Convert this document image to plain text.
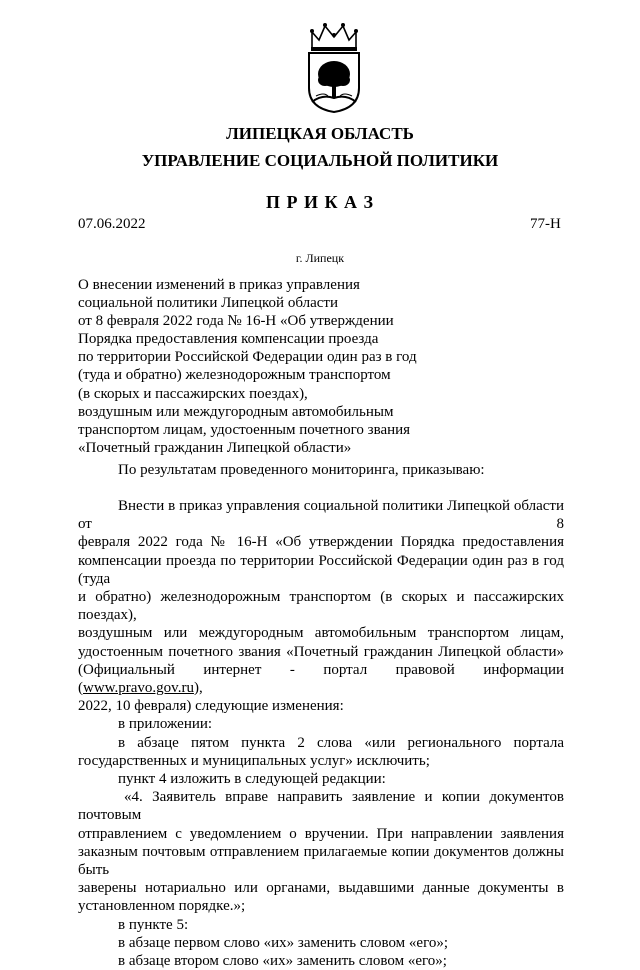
ЛИПЕЦКАЯ ОБЛАСТЬ
УПРАВЛЕНИЕ СОЦИАЛЬНОЙ ПОЛИТИКИ
П Р И К А З
07.06.2022	77-Н
г. Липецк
О внесении изменений в приказ управления
социальной политики Липецкой области
от 8 февраля 2022 года № 16-Н «Об утверждении
Порядка предоставления компенсации проезда
по территории Российской Федерации один раз в год
(туда и обратно) железнодорожным транспортом
(в скорых и пассажирских поездах),
воздушным или междугородным автомобильным
транспортом лицам, удостоенным почетного звания
«Почетный гражданин Липецкой области»
По результатам проведенного мониторинга, приказываю:
Внести в приказ управления социальной политики Липецкой области от 8
февраля 2022 года № 16-Н «Об утверждении Порядка предоставления
компенсации проезда по территории Российской Федерации один раз в год (туда
и обратно) железнодорожным транспортом (в скорых и пассажирских поездах),
воздушным или междугородным автомобильным транспортом лицам,
удостоенным почетного звания «Почетный гражданин Липецкой области»
(Официальный интернет - портал правовой информации (www.pravo.gov.ru),
2022, 10 февраля) следующие изменения:
в приложении:
в абзаце пятом пункта 2 слова «или регионального портала
государственных и муниципальных услуг» исключить;
пункт 4 изложить в следующей редакции:
«4. Заявитель вправе направить заявление и копии документов почтовым
отправлением с уведомлением о вручении. При направлении заявления
заказным почтовым отправлением прилагаемые копии документов должны быть
заверены нотариально или органами, выдавшими данные документы в
установленном порядке.»;
в пункте 5:
в абзаце первом слово «их» заменить словом «его»;
в абзаце втором слово «их» заменить словом «его»;
